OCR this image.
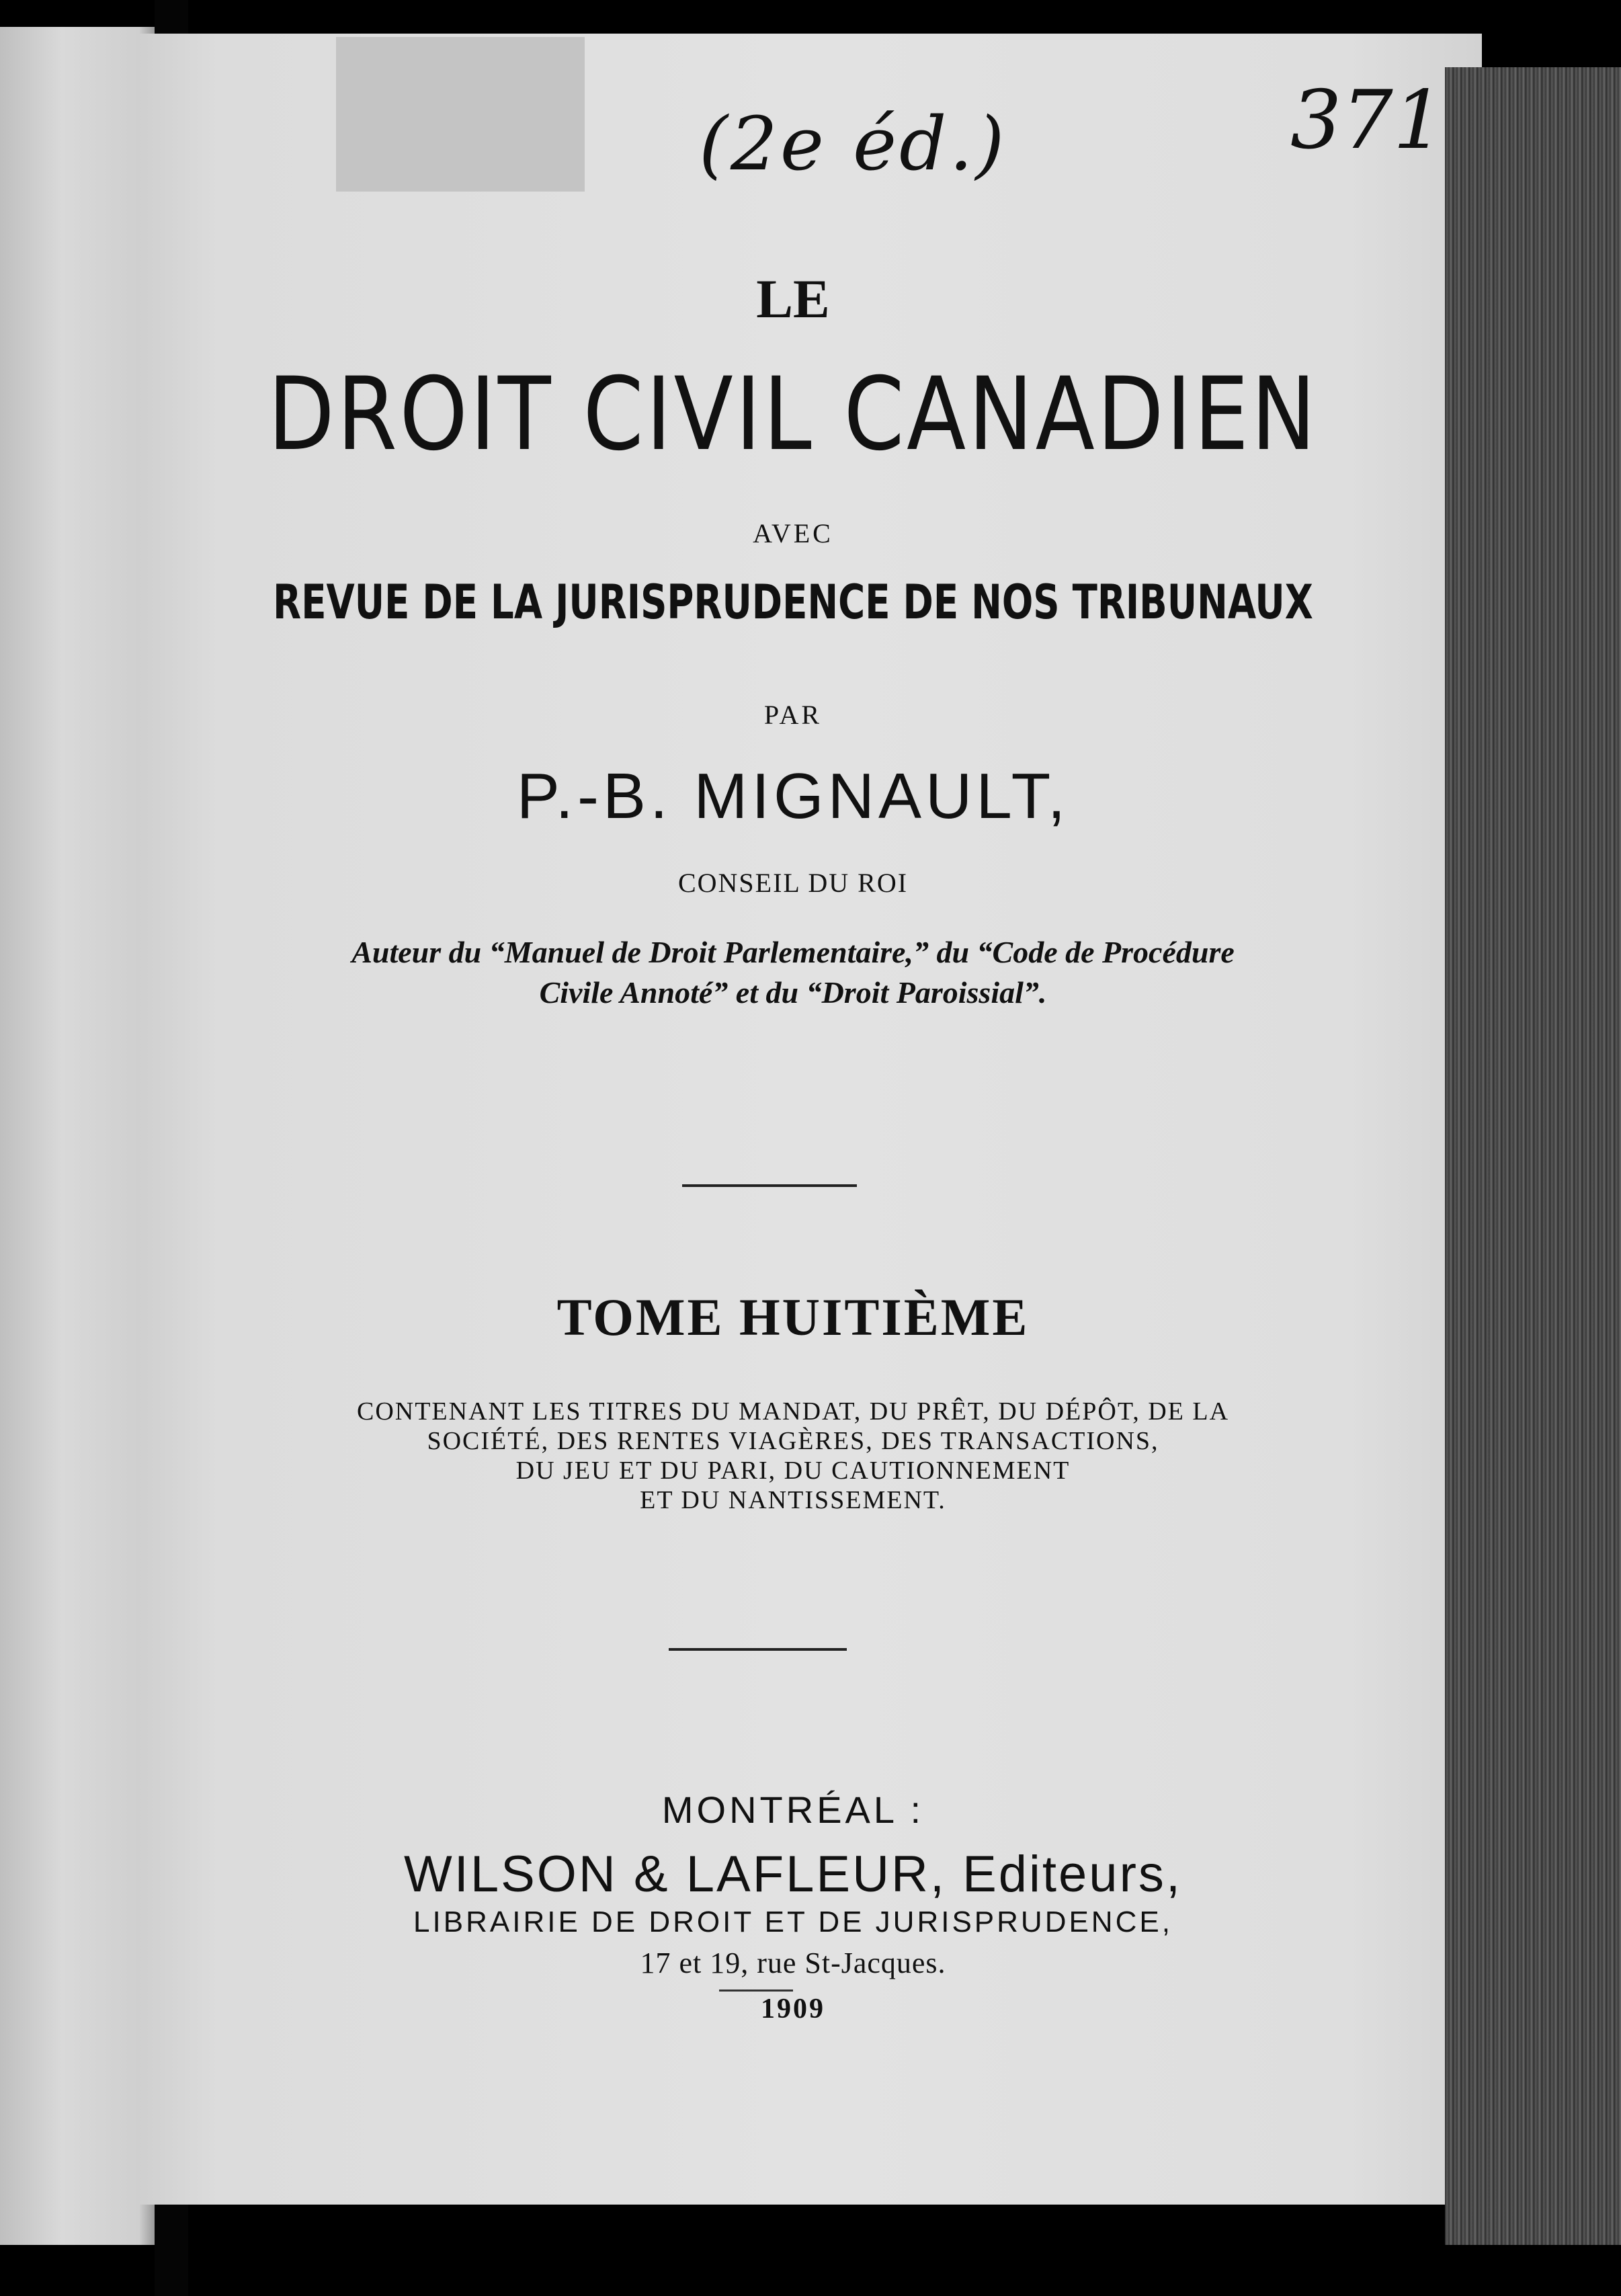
(2e éd.)	371

LE

DROIT CIVIL CANADIEN

AVEC

REVUE DE LA JURISPRUDENCE DE NOS TRIBUNAUX

PAR

P.-B. MIGNAULT,

CONSEIL DU ROI

Auteur du “Manuel de Droit Parlementaire,” du “Code de Procédure

Civile Annoté” et du “Droit Paroissial”.

TOME HUITIÈME

CONTENANT LES TITRES DU MANDAT, DU PRÊT, DU DÉPÔT, DE LA
SOCIÉTÉ, DES RENTES VIAGÈRES, DES TRANSACTIONS,
DU JEU ET DU PARI, DU CAUTIONNEMENT
ET DU NANTISSEMENT.

MONTRÉAL :

WILSON & LAFLEUR, Editeurs,

LIBRAIRIE DE DROIT ET DE JURISPRUDENCE,

17 et 19, rue St-Jacques.

1909
